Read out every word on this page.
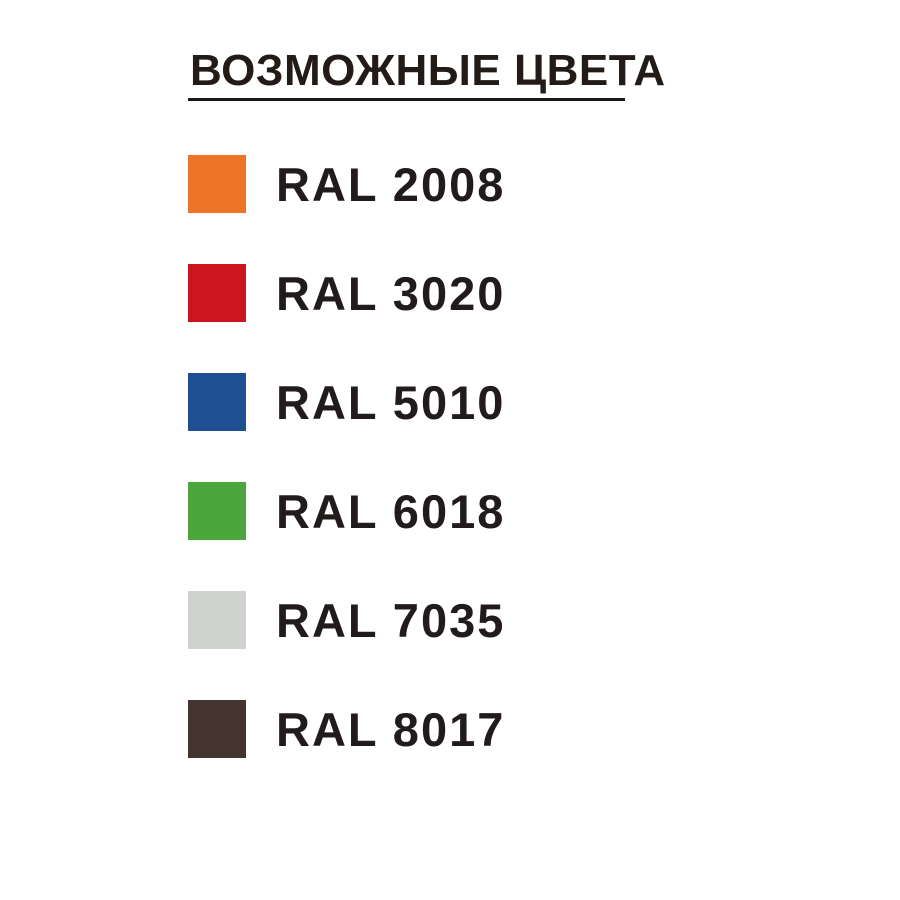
ВОЗМОЖНЫЕ ЦВЕТА
RAL 2008
RAL 3020
RAL 5010
RAL 6018
RAL 7035
RAL 8017
